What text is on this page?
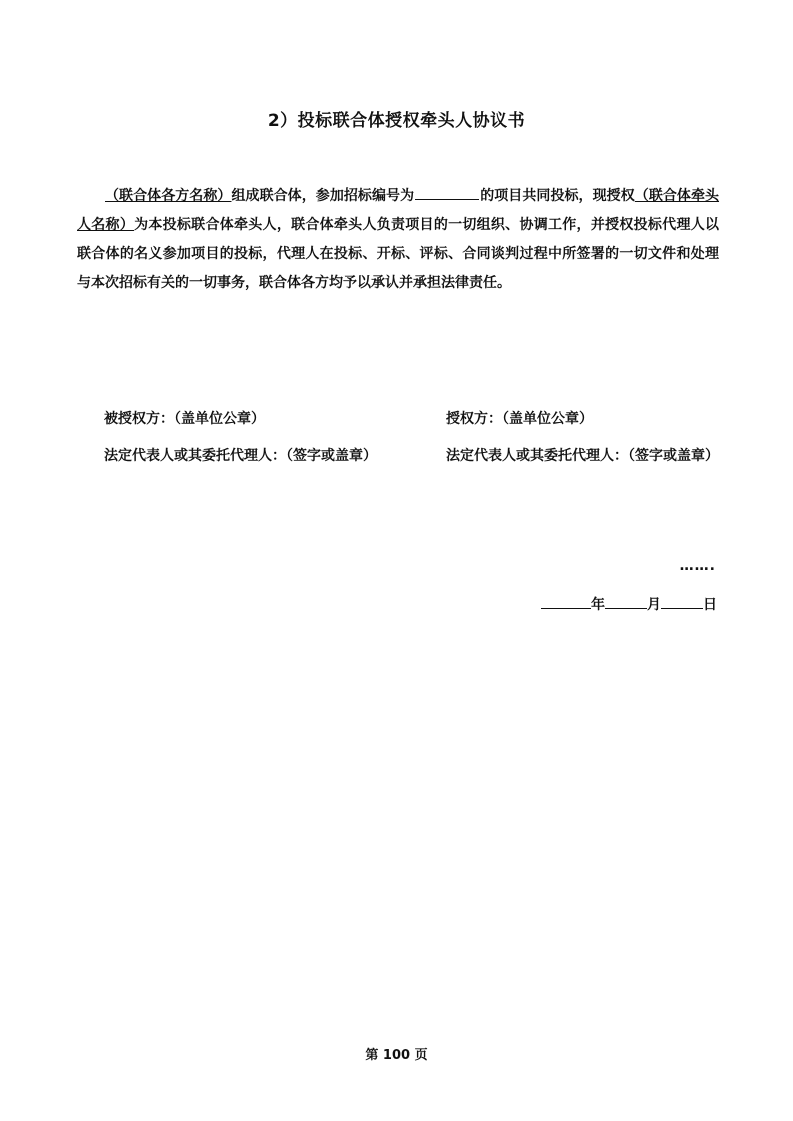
2）投标联合体授权牵头人协议书
（联合体各方名称）组成联合体，参加招标编号为	的项目共同投标，现授权（联合体牵头人名称）为本投标联合体牵头人，联合体牵头人负责项目的一切组织、协调工作，并授权投标代理人以联合体的名义参加项目的投标，代理人在投标、开标、评标、合同谈判过程中所签署的一切文件和处理与本次招标有关的一切事务，联合体各方均予以承认并承担法律责任。
被授权方：（盖单位公章）
法定代表人或其委托代理人：（签字或盖章）
授权方：（盖单位公章）
法定代表人或其委托代理人：（签字或盖章）
…….
年	月	日
第 100 页
